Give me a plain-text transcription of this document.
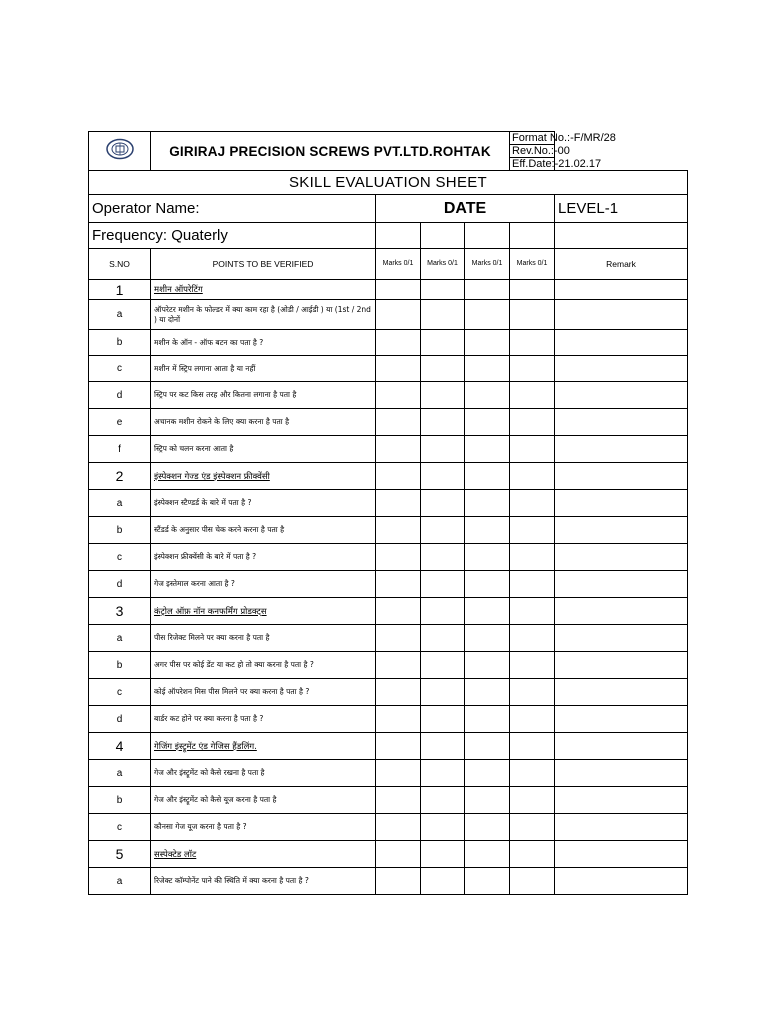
	GIRIRAJ PRECISION SCREWS PVT.LTD.ROHTAK				Format No.:-F/MR/28	
					Rev.No.:-00	
					Eff.Date:-21.02.17	
SKILL EVALUATION SHEET						
Operator Name:		DATE				LEVEL-1
Frequency: Quaterly						
S.NO	POINTS TO BE VERIFIED	Marks 0/1	Marks 0/1	Marks 0/1	Marks 0/1	Remark
1	मशीन ऑपरेटिंग					
a	ऑपरेटर मशीन के फोल्डर में क्या काम रहा है (ओडी / आईडी ) या (1st / 2nd ) या दोनों					
b	मशीन के ऑन - ऑफ बटन का पता है ?					
c	मशीन में स्ट्रिप लगाना आता है या नहीं					
d	स्ट्रिप पर कट किस तरह और कितना लगाना है पता है					
e	अचानक मशीन रोकने के लिए क्या करना है पता है					
f	स्ट्रिप को चलन करना आता है					
2	इंस्पेक्शन गेज्ड एंड इंस्पेक्शन फ्रीक्वेंसी					
a	इंस्पेक्शन स्टैण्डर्ड के बारे में पता है ?					
b	स्टैंडर्ड के अनुसार पीस चेक करने करना है पता है					
c	इंस्पेक्शन फ्रीक्वेंसी के बारे में पता है ?					
d	गेज इस्तेमाल करना आता है ?					
3	कंट्रोल ऑफ़ नॉन कनफर्मिंग प्रोडक्ट्स					
a	पीस रिजेक्ट मिलने पर क्या करना है पता है					
b	अगर पीस पर कोई डेंट या कट हो तो क्या करना है पता है ?					
c	कोई ऑपरेशन मिस पीस मिलने पर क्या करना है पता है ?					
d	बार्डर कट होने पर क्या करना है पता है ?					
4	गेजिंग इंस्ट्रूमेंट एंड गेजिस हैंडलिंग.					
a	गेज और इंस्ट्रूमेंट को कैसे रखना है पता है					
b	गेज और इंस्ट्रूमेंट को कैसे यूज करना है पता है					
c	कौनसा गेज यूज करना है पता है ?					
5	सस्पेक्टेड लॉट					
a	रिजेक्ट कॉम्पोनेंट पाने की स्थिति में क्या करना है पता है ?					
